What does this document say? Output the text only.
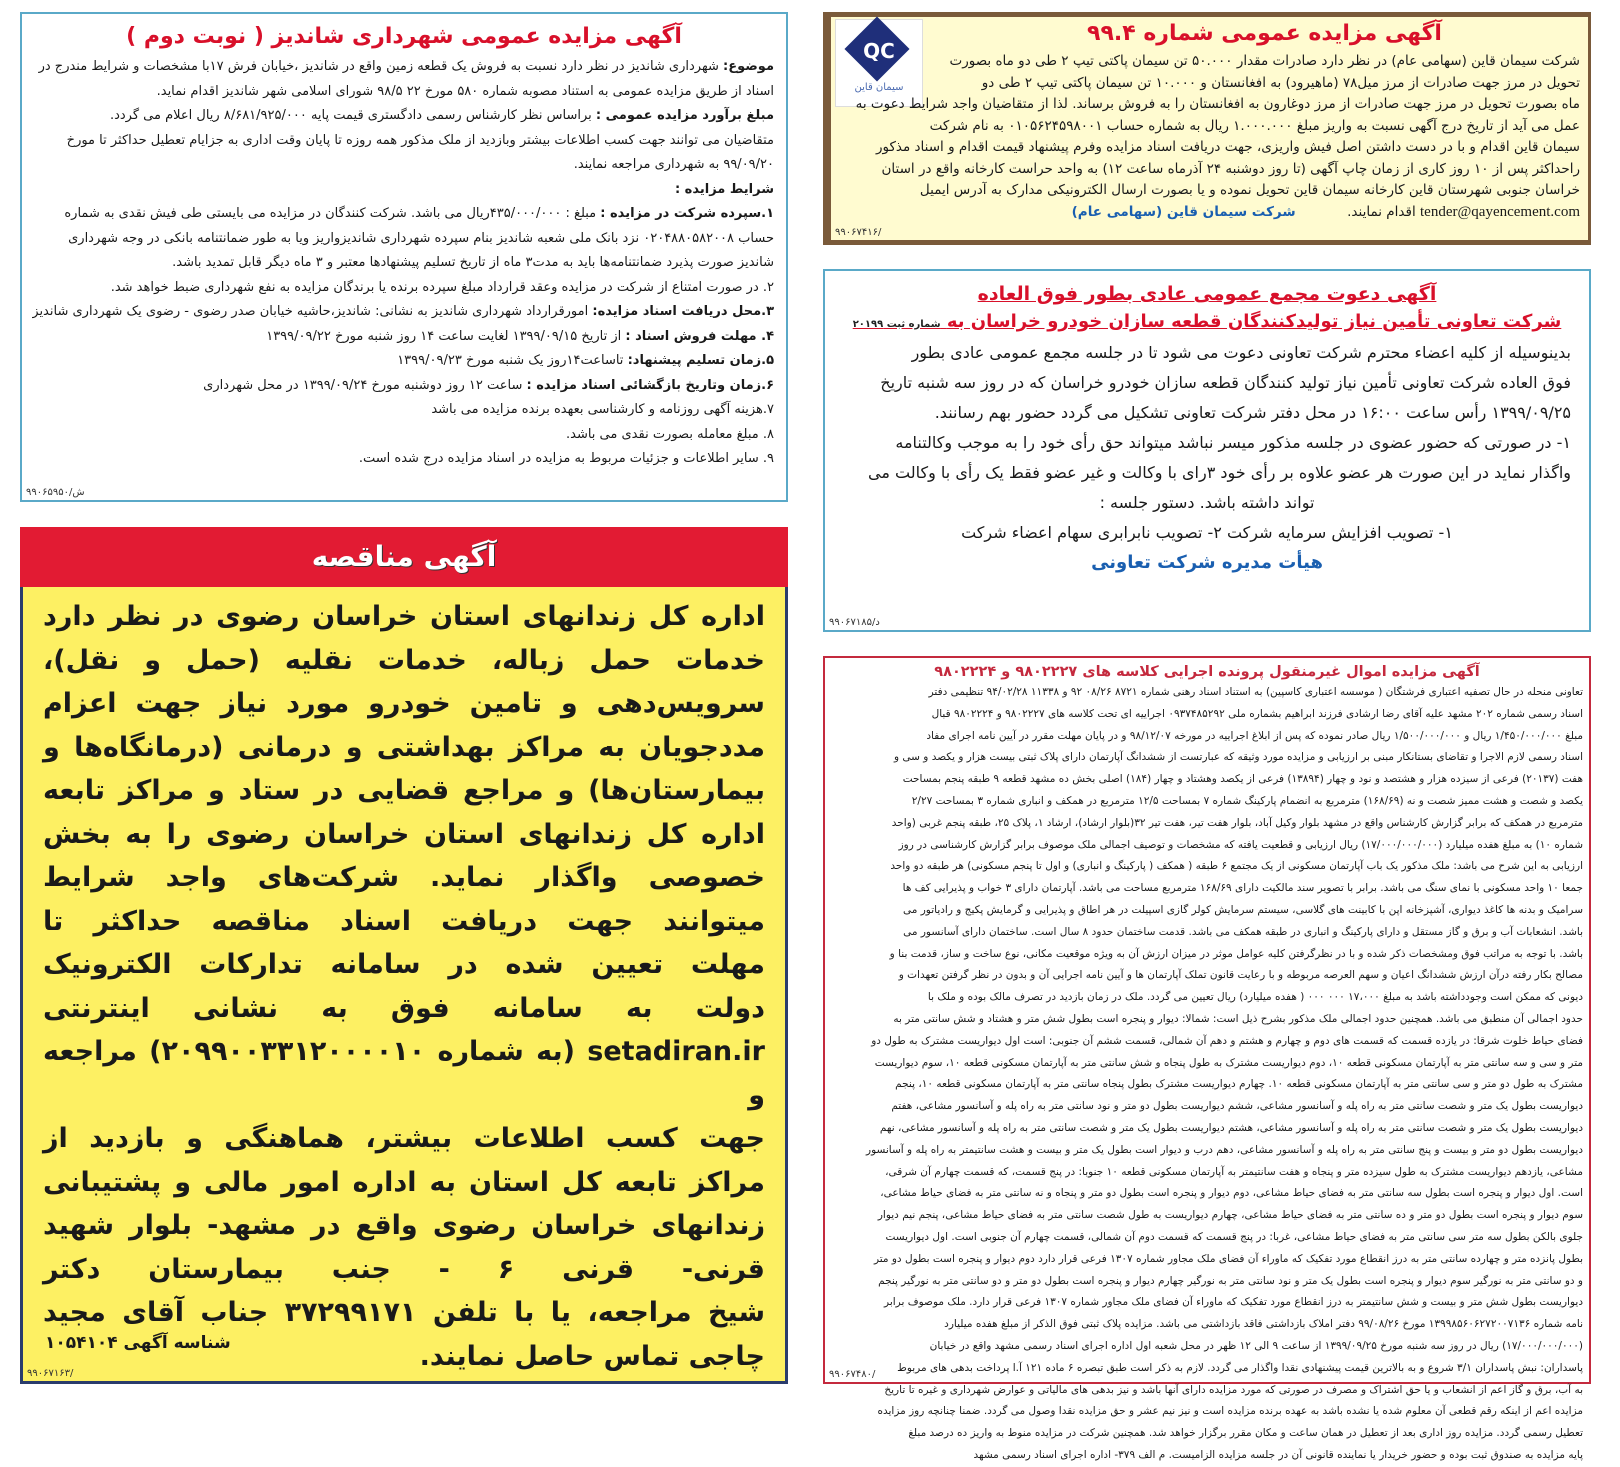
QC
سیمان قاین
آگهی مزایده عمومی شماره ۹۹.۴
شرکت سیمان قاین (سهامی عام) در نظر دارد صادرات مقدار ۵۰.۰۰۰ تن سیمان پاکتی تیپ ۲ طی دو ماه بصورت
تحویل در مرز جهت صادرات از مرز میل۷۸ (ماهیرود) به افغانستان و ۱۰.۰۰۰ تن سیمان پاکتی تیپ ۲ طی دو
ماه بصورت تحویل در مرز جهت صادرات از مرز دوغارون به افغانستان را به فروش برساند. لذا از متقاضیان واجد شرایط دعوت به
عمل می آید از تاریخ درج آگهی نسبت به واریز مبلغ ۱.۰۰۰.۰۰۰ ریال به شماره حساب ۰۱۰۵۶۲۴۵۹۸۰۰۱ به نام شرکت
سیمان قاین اقدام و با در دست داشتن اصل فیش واریزی، جهت دریافت اسناد مزایده وفرم پیشنهاد قیمت اقدام و اسناد مذکور
راحداکثر پس از ۱۰ روز کاری از زمان چاپ آگهی (تا روز دوشنبه ۲۴ آذرماه ساعت ۱۲) به واحد حراست کارخانه واقع در استان
خراسان جنوبی شهرستان قاین کارخانه سیمان قاین تحویل نموده و یا بصورت ارسال الکترونیکی مدارک به آدرس ایمیل
tender@qayencement.com اقدام نمایند.            شرکت سیمان قاین (سهامی عام)
۹۹۰۶۷۴۱۶/
آگهی مزایده عمومی شهرداری شاندیز ( نوبت دوم )
موضوع: شهرداری شاندیز در نظر دارد نسبت به فروش یک قطعه زمین واقع در شاندیز ،خیابان فرش ۱۷با مشخصات و شرایط مندرج در
اسناد از طریق مزایده عمومی به استناد مصوبه شماره ۵۸۰ مورخ ۲۲ ۹۸/۵ شورای اسلامی شهر شاندیز اقدام نماید.
مبلغ برآورد مزایده عمومی : براساس نظر کارشناس رسمی دادگستری قیمت پایه ۸/۶۸۱/۹۲۵/۰۰۰ ریال اعلام می گردد.
متقاضیان می توانند جهت کسب اطلاعات بیشتر وبازدید از ملک مذکور همه روزه تا پایان وقت اداری به جزایام تعطیل حداکثر تا مورخ
۹۹/۰۹/۲۰ به شهرداری مراجعه نمایند.
شرایط مزایده :
۱.سپرده شرکت در مزایده : مبلغ : ۴۳۵/۰۰۰/۰۰۰ریال می باشد. شرکت کنندگان در مزایده می بایستی طی فیش نقدی به شماره
حساب ۰۲۰۴۸۸۰۵۸۲۰۰۸ نزد بانک ملی شعبه شاندیز بنام سپرده شهرداری شاندیزواریز ویا به طور ضمانتنامه بانکی در وجه شهرداری
شاندیز صورت پذیرد ضمانتنامه‌ها باید به مدت۳ ماه از تاریخ تسلیم پیشنهادها معتبر و ۳ ماه دیگر قابل تمدید باشد.
۲. در صورت امتناع از شرکت در مزایده وعقد قرارداد مبلغ سپرده برنده یا برندگان مزایده به نفع شهرداری ضبط خواهد شد.
۳.محل دریافت اسناد مزایده: امورقرارداد شهرداری شاندیز به نشانی: شاندیز،حاشیه خیابان صدر رضوی - رضوی یک شهرداری شاندیز
۴. مهلت فروش اسناد : از تاریخ ۱۳۹۹/۰۹/۱۵ لغایت ساعت ۱۴ روز شنبه مورخ ۱۳۹۹/۰۹/۲۲
۵.زمان تسلیم پیشنهاد: تاساعت۱۴روز یک شنبه مورخ ۱۳۹۹/۰۹/۲۳
۶.زمان وتاریخ بازگشائی اسناد مزایده : ساعت ۱۲ روز دوشنبه مورخ ۱۳۹۹/۰۹/۲۴ در محل شهرداری
۷.هزینه آگهی روزنامه و کارشناسی بعهده برنده مزایده می باشد
۸. مبلغ معامله بصورت نقدی می باشد.
۹. سایر اطلاعات و جزئیات مربوط به مزایده در اسناد مزایده درج شده است.
۹۹۰۶۵۹۵۰/ش
آگهی دعوت مجمع عمومی عادی بطور فوق العاده
شرکت تعاونی تأمین نیاز تولیدکنندگان قطعه سازان خودرو خراسان به شماره ثبت ۲۰۱۹۹
بدینوسیله از کلیه اعضاء محترم شرکت تعاونی دعوت می شود تا در جلسه مجمع عمومی عادی بطور
فوق العاده شرکت تعاونی تأمین نیاز تولید کنندگان قطعه سازان خودرو خراسان که در روز سه شنبه تاریخ
۱۳۹۹/۰۹/۲۵ رأس ساعت ۱۶:۰۰ در محل دفتر شرکت تعاونی تشکیل می گردد حضور بهم رسانند.
۱- در صورتی که حضور عضوی در جلسه مذکور میسر نباشد میتواند حق رأی خود را به موجب وکالتنامه
واگذار نماید در این صورت هر عضو علاوه بر رأی خود ۳رای با وکالت و غیر عضو فقط یک رأی با وکالت می
تواند داشته باشد. دستور جلسه :
۱- تصویب افزایش سرمایه شرکت ۲- تصویب نابرابری سهام اعضاء شرکت
هیأت مدیره شرکت تعاونی
۹۹۰۶۷۱۸۵/د
آگهی مناقصه
اداره کل زندانهای استان خراسان رضوی در نظر دارد
خدمات حمل زباله، خدمات نقلیه (حمل و نقل)،
سرویس‌دهی و تامین خودرو مورد نیاز جهت اعزام
مددجویان به مراکز بهداشتی و درمانی (درمانگاه‌ها و
بیمارستان‌ها) و مراجع قضایی در ستاد و مراکز تابعه
اداره کل زندانهای استان خراسان رضوی را به بخش
خصوصی واگذار نماید. شرکت‌های واجد شرایط
میتوانند جهت دریافت اسناد مناقصه حداکثر تا
مهلت تعیین شده در سامانه تدارکات الکترونیک
دولت به سامانه فوق به نشانی اینترنتی
setadiran.ir (به شماره ۲۰۹۹۰۰۳۳۱۲۰۰۰۰۱۰) مراجعه و
جهت کسب اطلاعات بیشتر، هماهنگی و بازدید از
مراکز تابعه کل استان به اداره امور مالی و پشتیبانی
زندانهای خراسان رضوی واقع در مشهد- بلوار شهید
قرنی- قرنی ۶ - جنب بیمارستان دکتر
شیخ مراجعه، یا با تلفن ۳۷۲۹۹۱۷۱ جناب آقای مجید
چاجی تماس حاصل نمایند.
شناسه آگهی ۱۰۵۴۱۰۴
۹۹۰۶۷۱۶۳/
آگهی مزایده اموال غیرمنقول پرونده اجرایی کلاسه های ۹۸۰۲۲۲۷ و ۹۸۰۲۲۲۴
تعاونی منحله در حال تصفیه اعتباری فرشتگان ( موسسه اعتباری کاسپین) به استناد اسناد رهنی شماره ۸۷۲۱ ۰۸/۲۶ ۹۲ و ۱۱۳۳۸ ۹۴/۰۲/۲۸ تنظیمی دفتر
اسناد رسمی شماره ۲۰۲ مشهد علیه آقای رضا ارشادی فرزند ابراهیم بشماره ملی ۰۹۳۷۴۸۵۲۹۲ اجراییه ای تحت کلاسه های ۹۸۰۲۲۲۷ و ۹۸۰۲۲۲۴ قبال
مبلغ ۱/۴۵۰/۰۰۰/۰۰۰ ریال و ۱/۵۰۰/۰۰۰/۰۰۰ ریال صادر نموده که پس از ابلاغ اجراییه در مورخه ۹۸/۱۲/۰۷ و در پایان مهلت مقرر در آیین نامه اجرای مفاد
اسناد رسمی لازم الاجرا و تقاضای بستانکار مبنی بر ارزیابی و مزایده مورد وثیقه که عبارتست از ششدانگ آپارتمان دارای پلاک ثبتی بیست هزار و یکصد و سی و
هفت (۲۰۱۳۷) فرعی از سیزده هزار و هشتصد و نود و چهار (۱۳۸۹۴) فرعی از یکصد وهشتاد و چهار (۱۸۴) اصلی بخش ده مشهد قطعه ۹ طبقه پنجم بمساحت
یکصد و شصت و هشت ممیز شصت و نه (۱۶۸/۶۹) مترمربع به انضمام پارکینگ شماره ۷ بمساحت ۱۲/۵ مترمربع در همکف و انباری شماره ۳ بمساحت ۲/۲۷
مترمربع در همکف که برابر گزارش کارشناس واقع در مشهد بلوار وکیل آباد، بلوار هفت تیر، هفت تیر ۳۲(بلوار ارشاد)، ارشاد ۱، پلاک ۲۵، طبقه پنجم غربی (واحد
شماره ۱۰) به مبلغ هفده میلیارد (۱۷/۰۰۰/۰۰۰/۰۰۰) ریال ارزیابی و قطعیت یافته که مشخصات و توصیف اجمالی ملک موصوف برابر گزارش کارشناسی در روز
ارزیابی به این شرح می باشد: ملک مذکور یک باب آپارتمان مسکونی از یک مجتمع ۶ طبقه ( همکف ( پارکینگ و انباری) و اول تا پنجم مسکونی) هر طبقه دو واحد
جمعا ۱۰ واحد مسکونی با نمای سنگ می باشد. برابر با تصویر سند مالکیت دارای ۱۶۸/۶۹ مترمربع مساحت می باشد. آپارتمان دارای ۳ خواب و پذیرایی کف ها
سرامیک و بدنه ها کاغذ دیواری، آشپزخانه اپن با کابینت های گلاسی، سیستم سرمایش کولر گازی اسپیلت در هر اطاق و پذیرایی و گرمایش پکیج و رادیاتور می
باشد. انشعابات آب و برق و گاز مستقل و دارای پارکینگ و انباری در طبقه همکف می باشد. قدمت ساختمان حدود ۸ سال است. ساختمان دارای آسانسور می
باشد. با توجه به مراتب فوق ومشخصات ذکر شده و با در نظرگرفتن کلیه عوامل موثر در میزان ارزش آن به ویژه موقعیت مکانی، نوع ساخت و ساز، قدمت بنا و
مصالح بکار رفته درآن ارزش ششدانگ اعیان و سهم العرصه مربوطه و با رعایت قانون تملک آپارتمان ها و آیین نامه اجرایی آن و بدون در نظر گرفتن تعهدات و
دیونی که ممکن است وجودداشته باشد به مبلغ ۱۷،۰۰۰ ۰۰۰ ۰۰۰ ( هفده میلیارد) ریال تعیین می گردد. ملک در زمان بازدید در تصرف مالک بوده و ملک با
حدود اجمالی آن منطبق می باشد. همچنین حدود اجمالی ملک مذکور بشرح ذیل است: شمالا: دیوار و پنجره است بطول شش متر و هشتاد و شش سانتی متر به
فضای حیاط خلوت شرقا: در یازده قسمت که قسمت های دوم و چهارم و هشتم و دهم آن شمالی، قسمت ششم آن جنوبی: است اول دیواریست مشترک به طول دو
متر و سی و سه سانتی متر به آپارتمان مسکونی قطعه ۱۰، دوم دیواریست مشترک به طول پنجاه و شش سانتی متر به آپارتمان مسکونی قطعه ۱۰، سوم دیواریست
مشترک به طول دو متر و سی سانتی متر به آپارتمان مسکونی قطعه ۱۰. چهارم دیواریست مشترک بطول پنجاه سانتی متر به آپارتمان مسکونی قطعه ۱۰، پنجم
دیواریست بطول یک متر و شصت سانتی متر به راه پله و آسانسور مشاعی، ششم دیواریست بطول دو متر و نود سانتی متر به راه پله و آسانسور مشاعی، هفتم
دیواریست بطول یک متر و شصت سانتی متر به راه پله و آسانسور مشاعی، هشتم دیواریست بطول یک متر و شصت سانتی متر به راه پله و آسانسور مشاعی، نهم
دیواریست بطول دو متر و بیست و پنج سانتی متر به راه پله و آسانسور مشاعی، دهم درب و دیوار است بطول یک متر و بیست و هشت سانتیمتر به راه پله و آسانسور
مشاعی، یازدهم دیواریست مشترک به طول سیزده متر و پنجاه و هفت سانتیمتر به آپارتمان مسکونی قطعه ۱۰ جنوبا: در پنج قسمت، که قسمت چهارم آن شرقی،
است. اول دیوار و پنجره است بطول سه سانتی متر به فضای حیاط مشاعی، دوم دیوار و پنجره است بطول دو متر و پنجاه و نه سانتی متر به فضای حیاط مشاعی،
سوم دیوار و پنجره است بطول دو متر و ده سانتی متر به فضای حیاط مشاعی، چهارم دیواریست به طول شصت سانتی متر به فضای حیاط مشاعی، پنجم نیم دیوار
جلوی بالکن بطول سه متر سی سانتی متر به فضای حیاط مشاعی، غربا: در پنج قسمت که قسمت دوم آن شمالی، قسمت چهارم آن جنوبی است. اول دیواریست
بطول پانزده متر و چهارده سانتی متر به درز انقطاع مورد تفکیک که ماوراء آن فضای ملک مجاور شماره ۱۳۰۷ فرعی قرار دارد دوم دیوار و پنجره است بطول دو متر
و دو سانتی متر به نورگیر سوم دیوار و پنجره است بطول یک متر و نود سانتی متر به نورگیر چهارم دیوار و پنجره است بطول دو متر و دو سانتی متر به نورگیر پنجم
دیواریست بطول شش متر و بیست و شش سانتیمتر به درز انقطاع مورد تفکیک که ماوراء آن فضای ملک مجاور شماره ۱۳۰۷ فرعی قرار دارد. ملک موصوف برابر
نامه شماره ۱۳۹۹۸۵۶۰۶۲۷۲۰۰۷۱۳۶ مورخ ۹۹/۰۸/۲۶ دفتر املاک بازداشتی فاقد بازداشتی می باشد. مزایده پلاک ثبتی فوق الذکر از مبلغ هفده میلیارد
(۱۷/۰۰۰/۰۰۰/۰۰۰) ریال در روز سه شنبه مورخ ۱۳۹۹/۰۹/۲۵ از ساعت ۹ الی ۱۲ ظهر در محل شعبه اول اداره اجرای اسناد رسمی مشهد واقع در خیابان
پاسداران: نبش پاسداران ۳/۱ شروع و به بالاترین قیمت پیشنهادی نقدا واگذار می گردد. لازم به ذکر است طبق تبصره ۶ ماده ۱۲۱ آ.ا پرداخت بدهی های مربوط
به آب، برق و گاز اعم از انشعاب و یا حق اشتراک و مصرف در صورتی که مورد مزایده دارای آنها باشد و نیز بدهی های مالیاتی و عوارض شهرداری و غیره تا تاریخ
مزایده اعم از اینکه رقم قطعی آن معلوم شده یا نشده باشد به عهده برنده مزایده است و نیز نیم عشر و حق مزایده نقدا وصول می گردد. ضمنا چنانچه روز مزایده
تعطیل رسمی گردد. مزایده روز اداری بعد از تعطیل در همان ساعت و مکان مقرر برگزار خواهد شد. همچنین شرکت در مزایده منوط به واریز ده درصد مبلغ
پایه مزایده به صندوق ثبت بوده و حضور خریدار یا نماینده قانونی آن در جلسه مزایده الزامیست. م الف ۳۷۹- اداره اجرای اسناد رسمی مشهد
۹۹۰۶۷۴۸۰/
